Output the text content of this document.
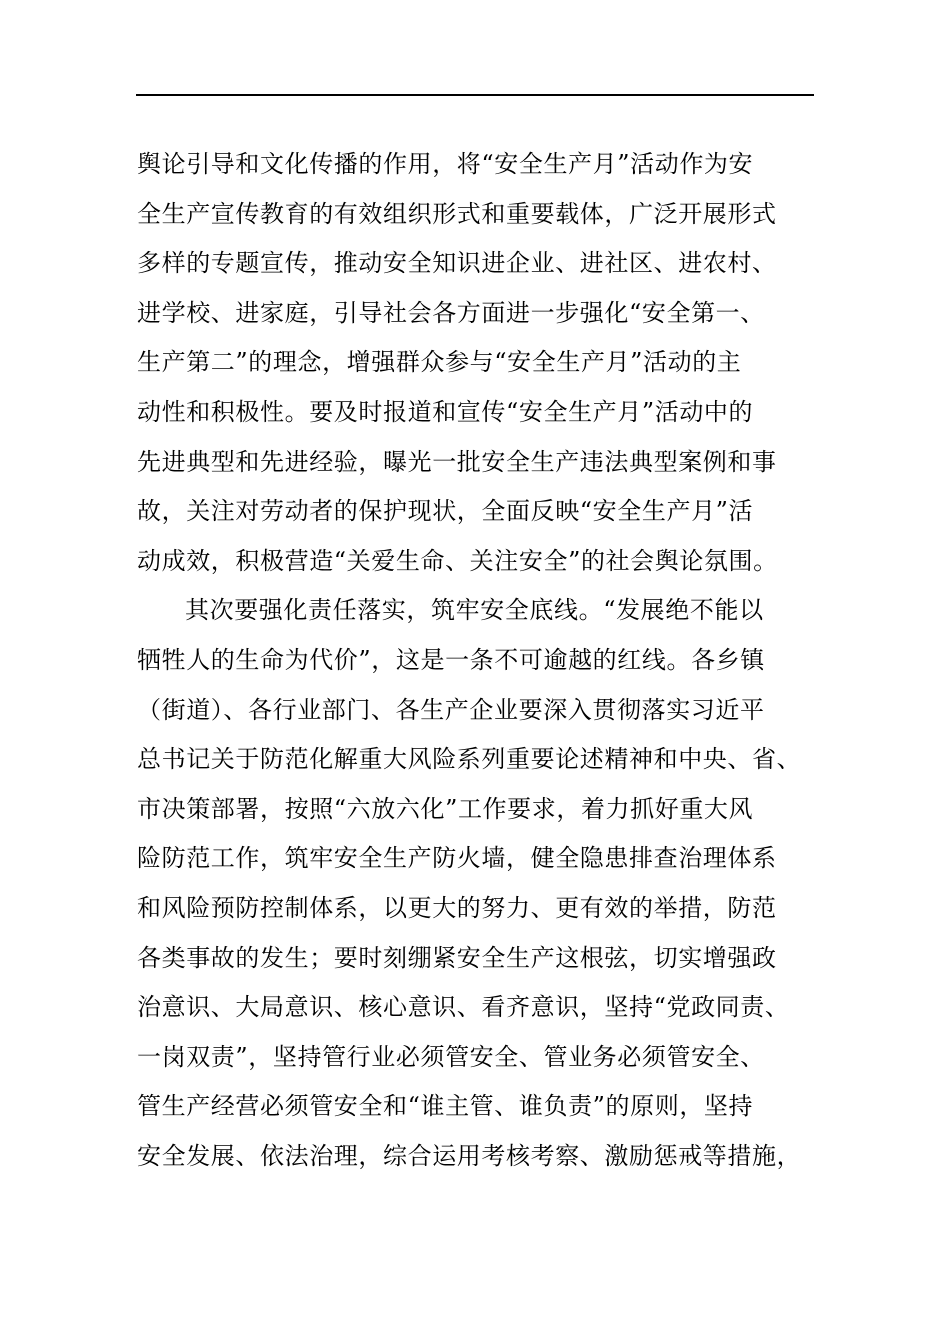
舆论引导和文化传播的作用，将“安全生产月”活动作为安
全生产宣传教育的有效组织形式和重要载体，广泛开展形式
多样的专题宣传，推动安全知识进企业、进社区、进农村、
进学校、进家庭，引导社会各方面进一步强化“安全第一、
生产第二”的理念，增强群众参与“安全生产月”活动的主
动性和积极性。要及时报道和宣传“安全生产月”活动中的
先进典型和先进经验，曝光一批安全生产违法典型案例和事
故，关注对劳动者的保护现状，全面反映“安全生产月”活
动成效，积极营造“关爱生命、关注安全”的社会舆论氛围。
其次要强化责任落实，筑牢安全底线。“发展绝不能以
牺牲人的生命为代价”，这是一条不可逾越的红线。各乡镇
（街道）、各行业部门、各生产企业要深入贯彻落实习近平
总书记关于防范化解重大风险系列重要论述精神和中央、省、
市决策部署，按照“六放六化”工作要求，着力抓好重大风
险防范工作，筑牢安全生产防火墙，健全隐患排查治理体系
和风险预防控制体系，以更大的努力、更有效的举措，防范
各类事故的发生；要时刻绷紧安全生产这根弦，切实增强政
治意识、大局意识、核心意识、看齐意识，坚持“党政同责、
一岗双责”，坚持管行业必须管安全、管业务必须管安全、
管生产经营必须管安全和“谁主管、谁负责”的原则，坚持
安全发展、依法治理，综合运用考核考察、激励惩戒等措施，
